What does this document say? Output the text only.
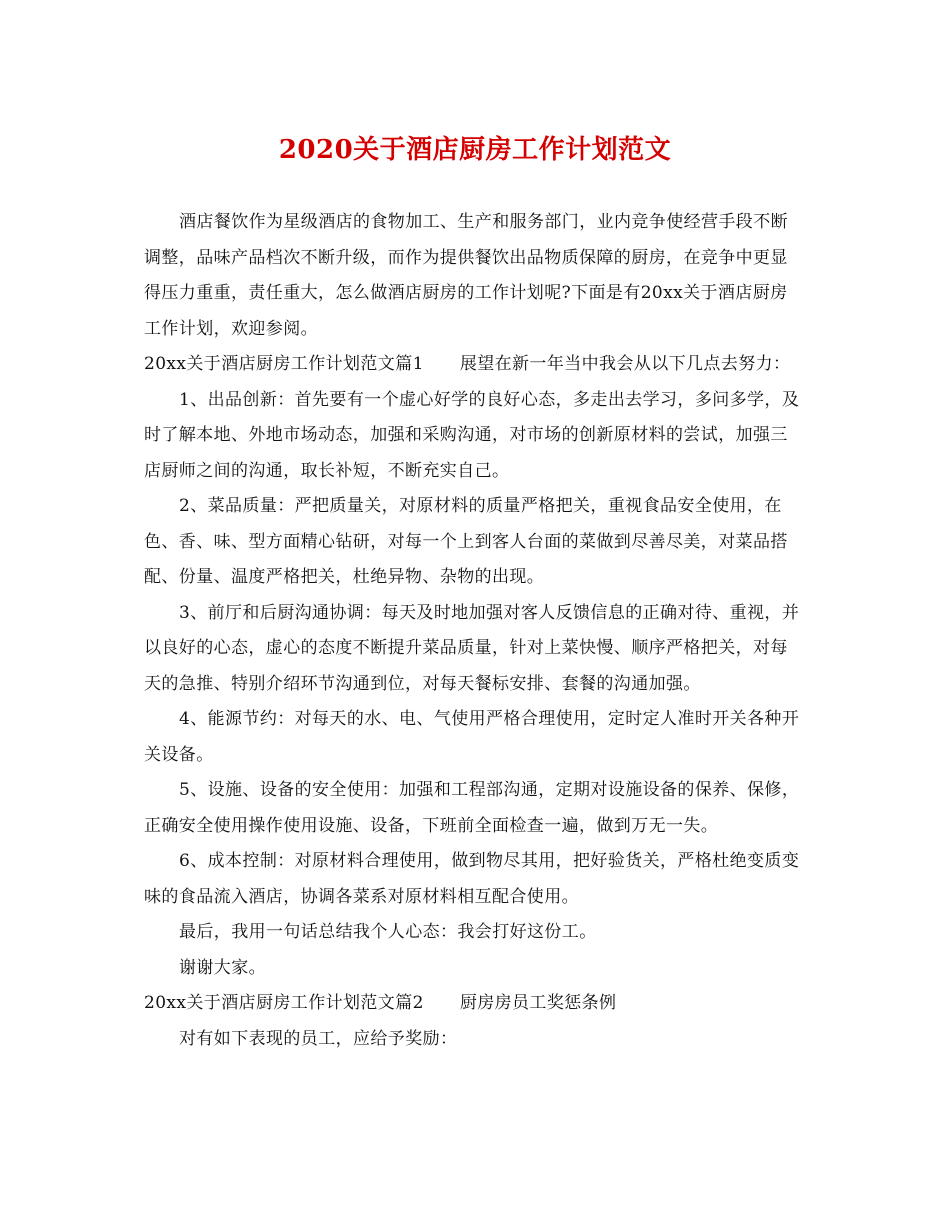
2020关于酒店厨房工作计划范文

酒店餐饮作为星级酒店的食物加工、生产和服务部门，业内竞争使经营手段不断调整，品味产品档次不断升级，而作为提供餐饮出品物质保障的厨房，在竞争中更显得压力重重，责任重大，怎么做酒店厨房的工作计划呢?下面是有20xx关于酒店厨房工作计划，欢迎参阅。

20xx关于酒店厨房工作计划范文篇1 展望在新一年当中我会从以下几点去努力：

1、出品创新：首先要有一个虚心好学的良好心态，多走出去学习，多问多学，及时了解本地、外地市场动态，加强和采购沟通，对市场的创新原材料的尝试，加强三店厨师之间的沟通，取长补短，不断充实自己。

2、菜品质量：严把质量关，对原材料的质量严格把关，重视食品安全使用，在色、香、味、型方面精心钻研，对每一个上到客人台面的菜做到尽善尽美，对菜品搭配、份量、温度严格把关，杜绝异物、杂物的出现。

3、前厅和后厨沟通协调：每天及时地加强对客人反馈信息的正确对待、重视，并以良好的心态，虚心的态度不断提升菜品质量，针对上菜快慢、顺序严格把关，对每天的急推、特别介绍环节沟通到位，对每天餐标安排、套餐的沟通加强。

4、能源节约：对每天的水、电、气使用严格合理使用，定时定人准时开关各种开关设备。

5、设施、设备的安全使用：加强和工程部沟通，定期对设施设备的保养、保修，正确安全使用操作使用设施、设备，下班前全面检查一遍，做到万无一失。

6、成本控制：对原材料合理使用，做到物尽其用，把好验货关，严格杜绝变质变味的食品流入酒店，协调各菜系对原材料相互配合使用。

最后，我用一句话总结我个人心态：我会打好这份工。

谢谢大家。

20xx关于酒店厨房工作计划范文篇2 厨房房员工奖惩条例

对有如下表现的员工，应给予奖励：
